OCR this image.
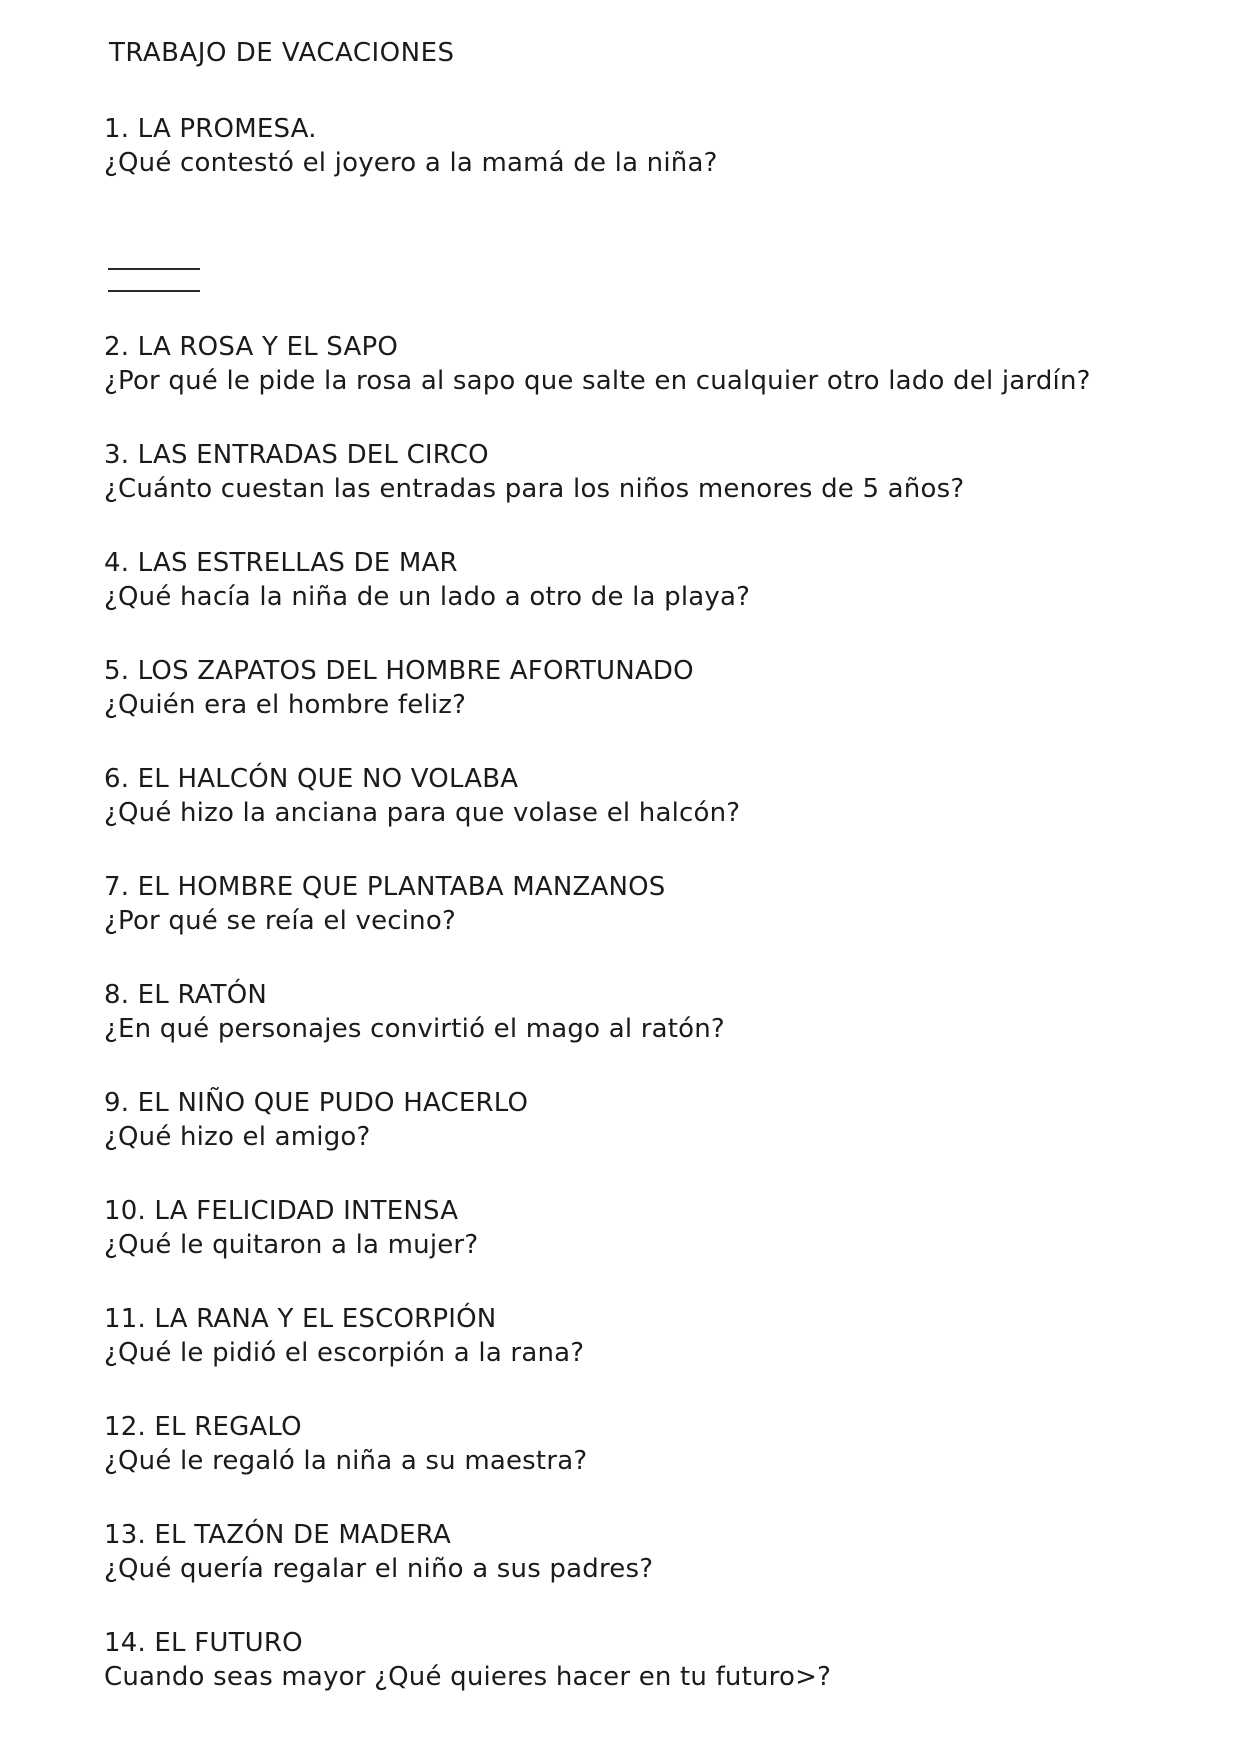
TRABAJO DE VACACIONES

1. LA PROMESA.

¿Qué contestó el joyero a la mamá de la niña?

2. LA ROSA Y EL SAPO

¿Por qué le pide la rosa al sapo que salte en cualquier otro lado del jardín?

3. LAS ENTRADAS DEL CIRCO

¿Cuánto cuestan las entradas para los niños menores de 5 años?

4. LAS ESTRELLAS DE MAR

¿Qué hacía la niña de un lado a otro de la playa?

5. LOS ZAPATOS DEL HOMBRE AFORTUNADO

¿Quién era el hombre feliz?

6. EL HALCÓN QUE NO VOLABA

¿Qué hizo la anciana para que volase el halcón?

7. EL HOMBRE QUE PLANTABA MANZANOS

¿Por qué se reía el vecino?

8. EL RATÓN

¿En qué personajes convirtió el mago al ratón?

9. EL NIÑO QUE PUDO HACERLO

¿Qué hizo el amigo?

10. LA FELICIDAD INTENSA

¿Qué le quitaron a la mujer?

11. LA RANA Y EL ESCORPIÓN

¿Qué le pidió el escorpión a la rana?

12. EL REGALO

¿Qué le regaló la niña a su maestra?

13. EL TAZÓN DE MADERA

¿Qué quería regalar el niño a sus padres?

14. EL FUTURO

Cuando seas mayor ¿Qué quieres hacer en tu futuro>?
